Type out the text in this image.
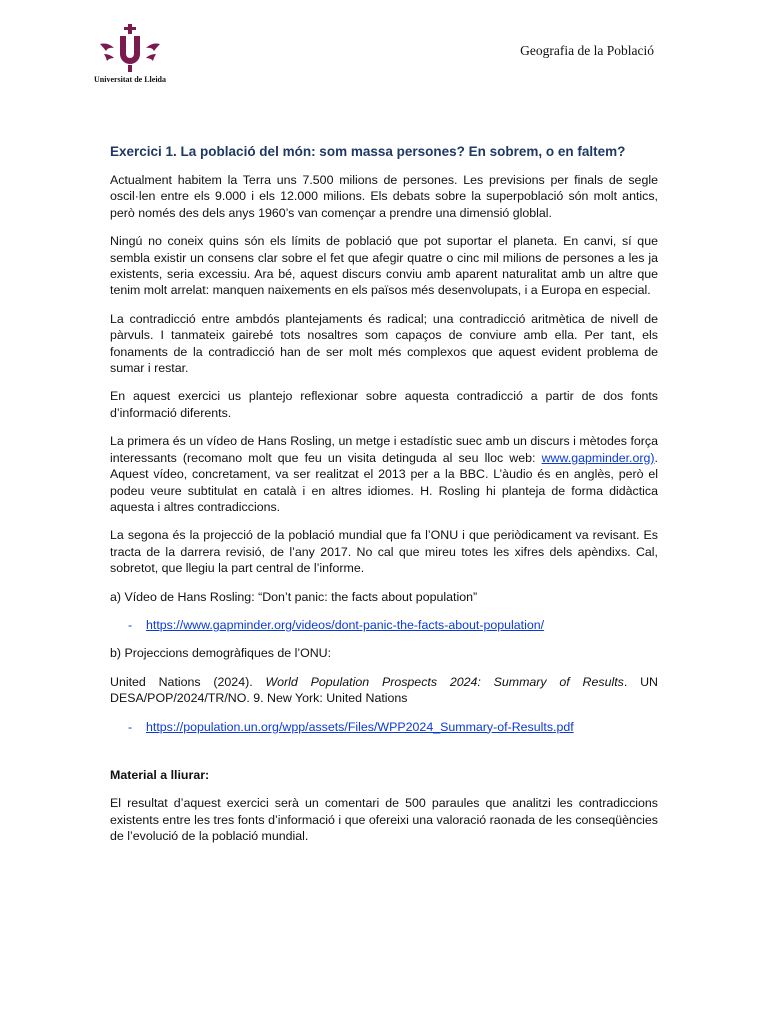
Universitat de Lleida
Geografia de la Població
Exercici 1. La població del món: som massa persones? En sobrem, o en faltem?

Actualment habitem la Terra uns 7.500 milions de persones. Les previsions per finals de segle oscil·len entre els 9.000 i els 12.000 milions. Els debats sobre la superpoblació són molt antics, però només des dels anys 1960’s van començar a prendre una dimensió globlal.

Ningú no coneix quins són els límits de població que pot suportar el planeta. En canvi, sí que sembla existir un consens clar sobre el fet que afegir quatre o cinc mil milions de persones a les ja existents, seria excessiu. Ara bé, aquest discurs conviu amb aparent naturalitat amb un altre que tenim molt arrelat: manquen naixements en els països més desenvolupats, i a Europa en especial.

La contradicció entre ambdós plantejaments és radical; una contradicció aritmètica de nivell de pàrvuls. I tanmateix gairebé tots nosaltres som capaços de conviure amb ella. Per tant, els fonaments de la contradicció han de ser molt més complexos que aquest evident problema de sumar i restar.

En aquest exercici us plantejo reflexionar sobre aquesta contradicció a partir de dos fonts d’informació diferents.

La primera és un vídeo de Hans Rosling, un metge i estadístic suec amb un discurs i mètodes força interessants (recomano molt que feu un visita detinguda al seu lloc web: www.gapminder.org). Aquest vídeo, concretament, va ser realitzat el 2013 per a la BBC. L’àudio és en anglès, però el podeu veure subtitulat en català i en altres idiomes. H. Rosling hi planteja de forma didàctica aquesta i altres contradiccions.

La segona és la projecció de la població mundial que fa l’ONU i que periòdicament va revisant. Es tracta de la darrera revisió, de l’any 2017. No cal que mireu totes les xifres dels apèndixs. Cal, sobretot, que llegiu la part central de l’informe.

a) Vídeo de Hans Rosling: “Don’t panic: the facts about population”

-	https://www.gapminder.org/videos/dont-panic-the-facts-about-population/

b) Projeccions demogràfiques de l’ONU:

United Nations (2024). World Population Prospects 2024: Summary of Results. UN DESA/POP/2024/TR/NO. 9. New York: United Nations

-	https://population.un.org/wpp/assets/Files/WPP2024_Summary-of-Results.pdf
Material a lliurar:

El resultat d’aquest exercici serà un comentari de 500 paraules que analitzi les contradiccions existents entre les tres fonts d’informació i que ofereixi una valoració raonada de les conseqüències de l’evolució de la població mundial.
